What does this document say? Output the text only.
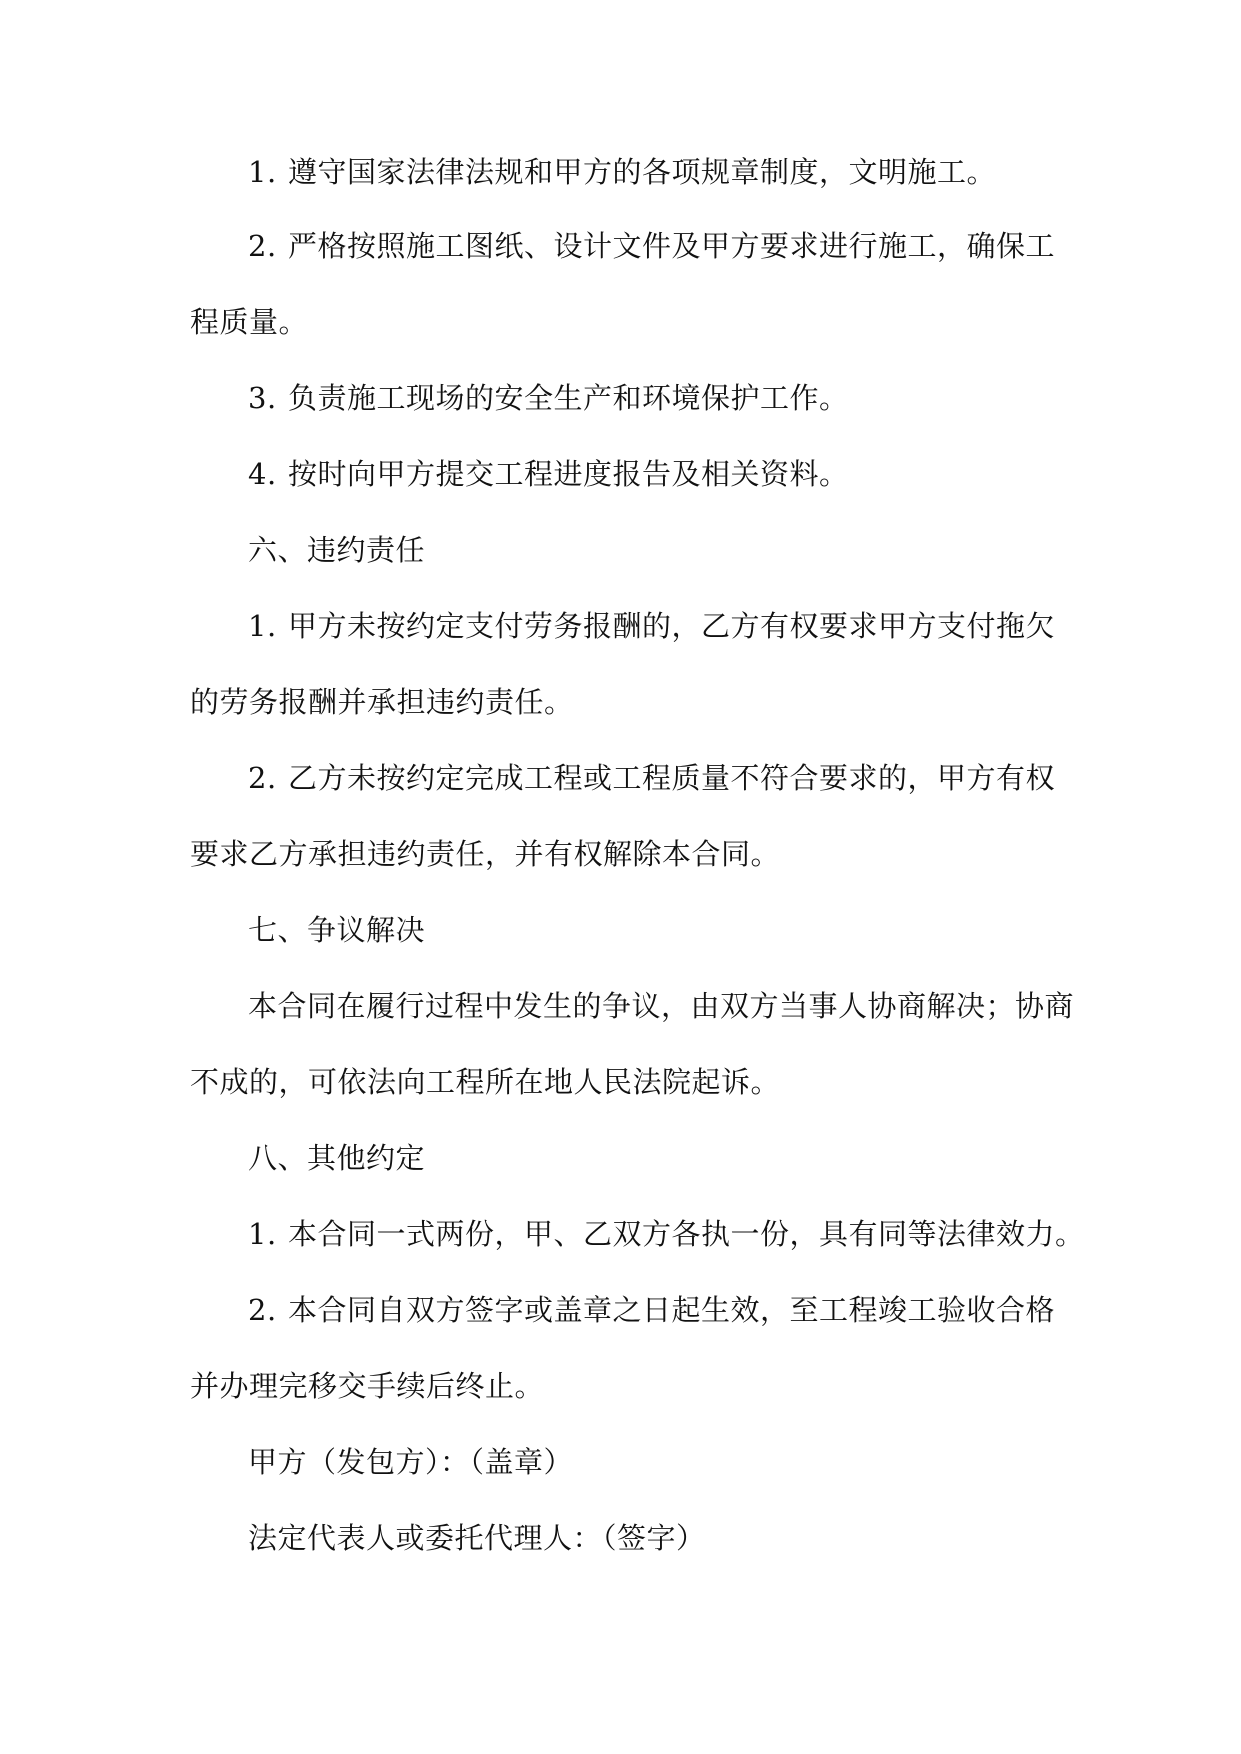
1. 遵守国家法律法规和甲方的各项规章制度，文明施工。
2. 严格按照施工图纸、设计文件及甲方要求进行施工，确保工
程质量。
3. 负责施工现场的安全生产和环境保护工作。
4. 按时向甲方提交工程进度报告及相关资料。
六、违约责任
1. 甲方未按约定支付劳务报酬的，乙方有权要求甲方支付拖欠
的劳务报酬并承担违约责任。
2. 乙方未按约定完成工程或工程质量不符合要求的，甲方有权
要求乙方承担违约责任，并有权解除本合同。
七、争议解决
本合同在履行过程中发生的争议，由双方当事人协商解决；协商
不成的，可依法向工程所在地人民法院起诉。
八、其他约定
1. 本合同一式两份，甲、乙双方各执一份，具有同等法律效力。
2. 本合同自双方签字或盖章之日起生效，至工程竣工验收合格
并办理完移交手续后终止。
甲方（发包方）：（盖章）
法定代表人或委托代理人：（签字）
